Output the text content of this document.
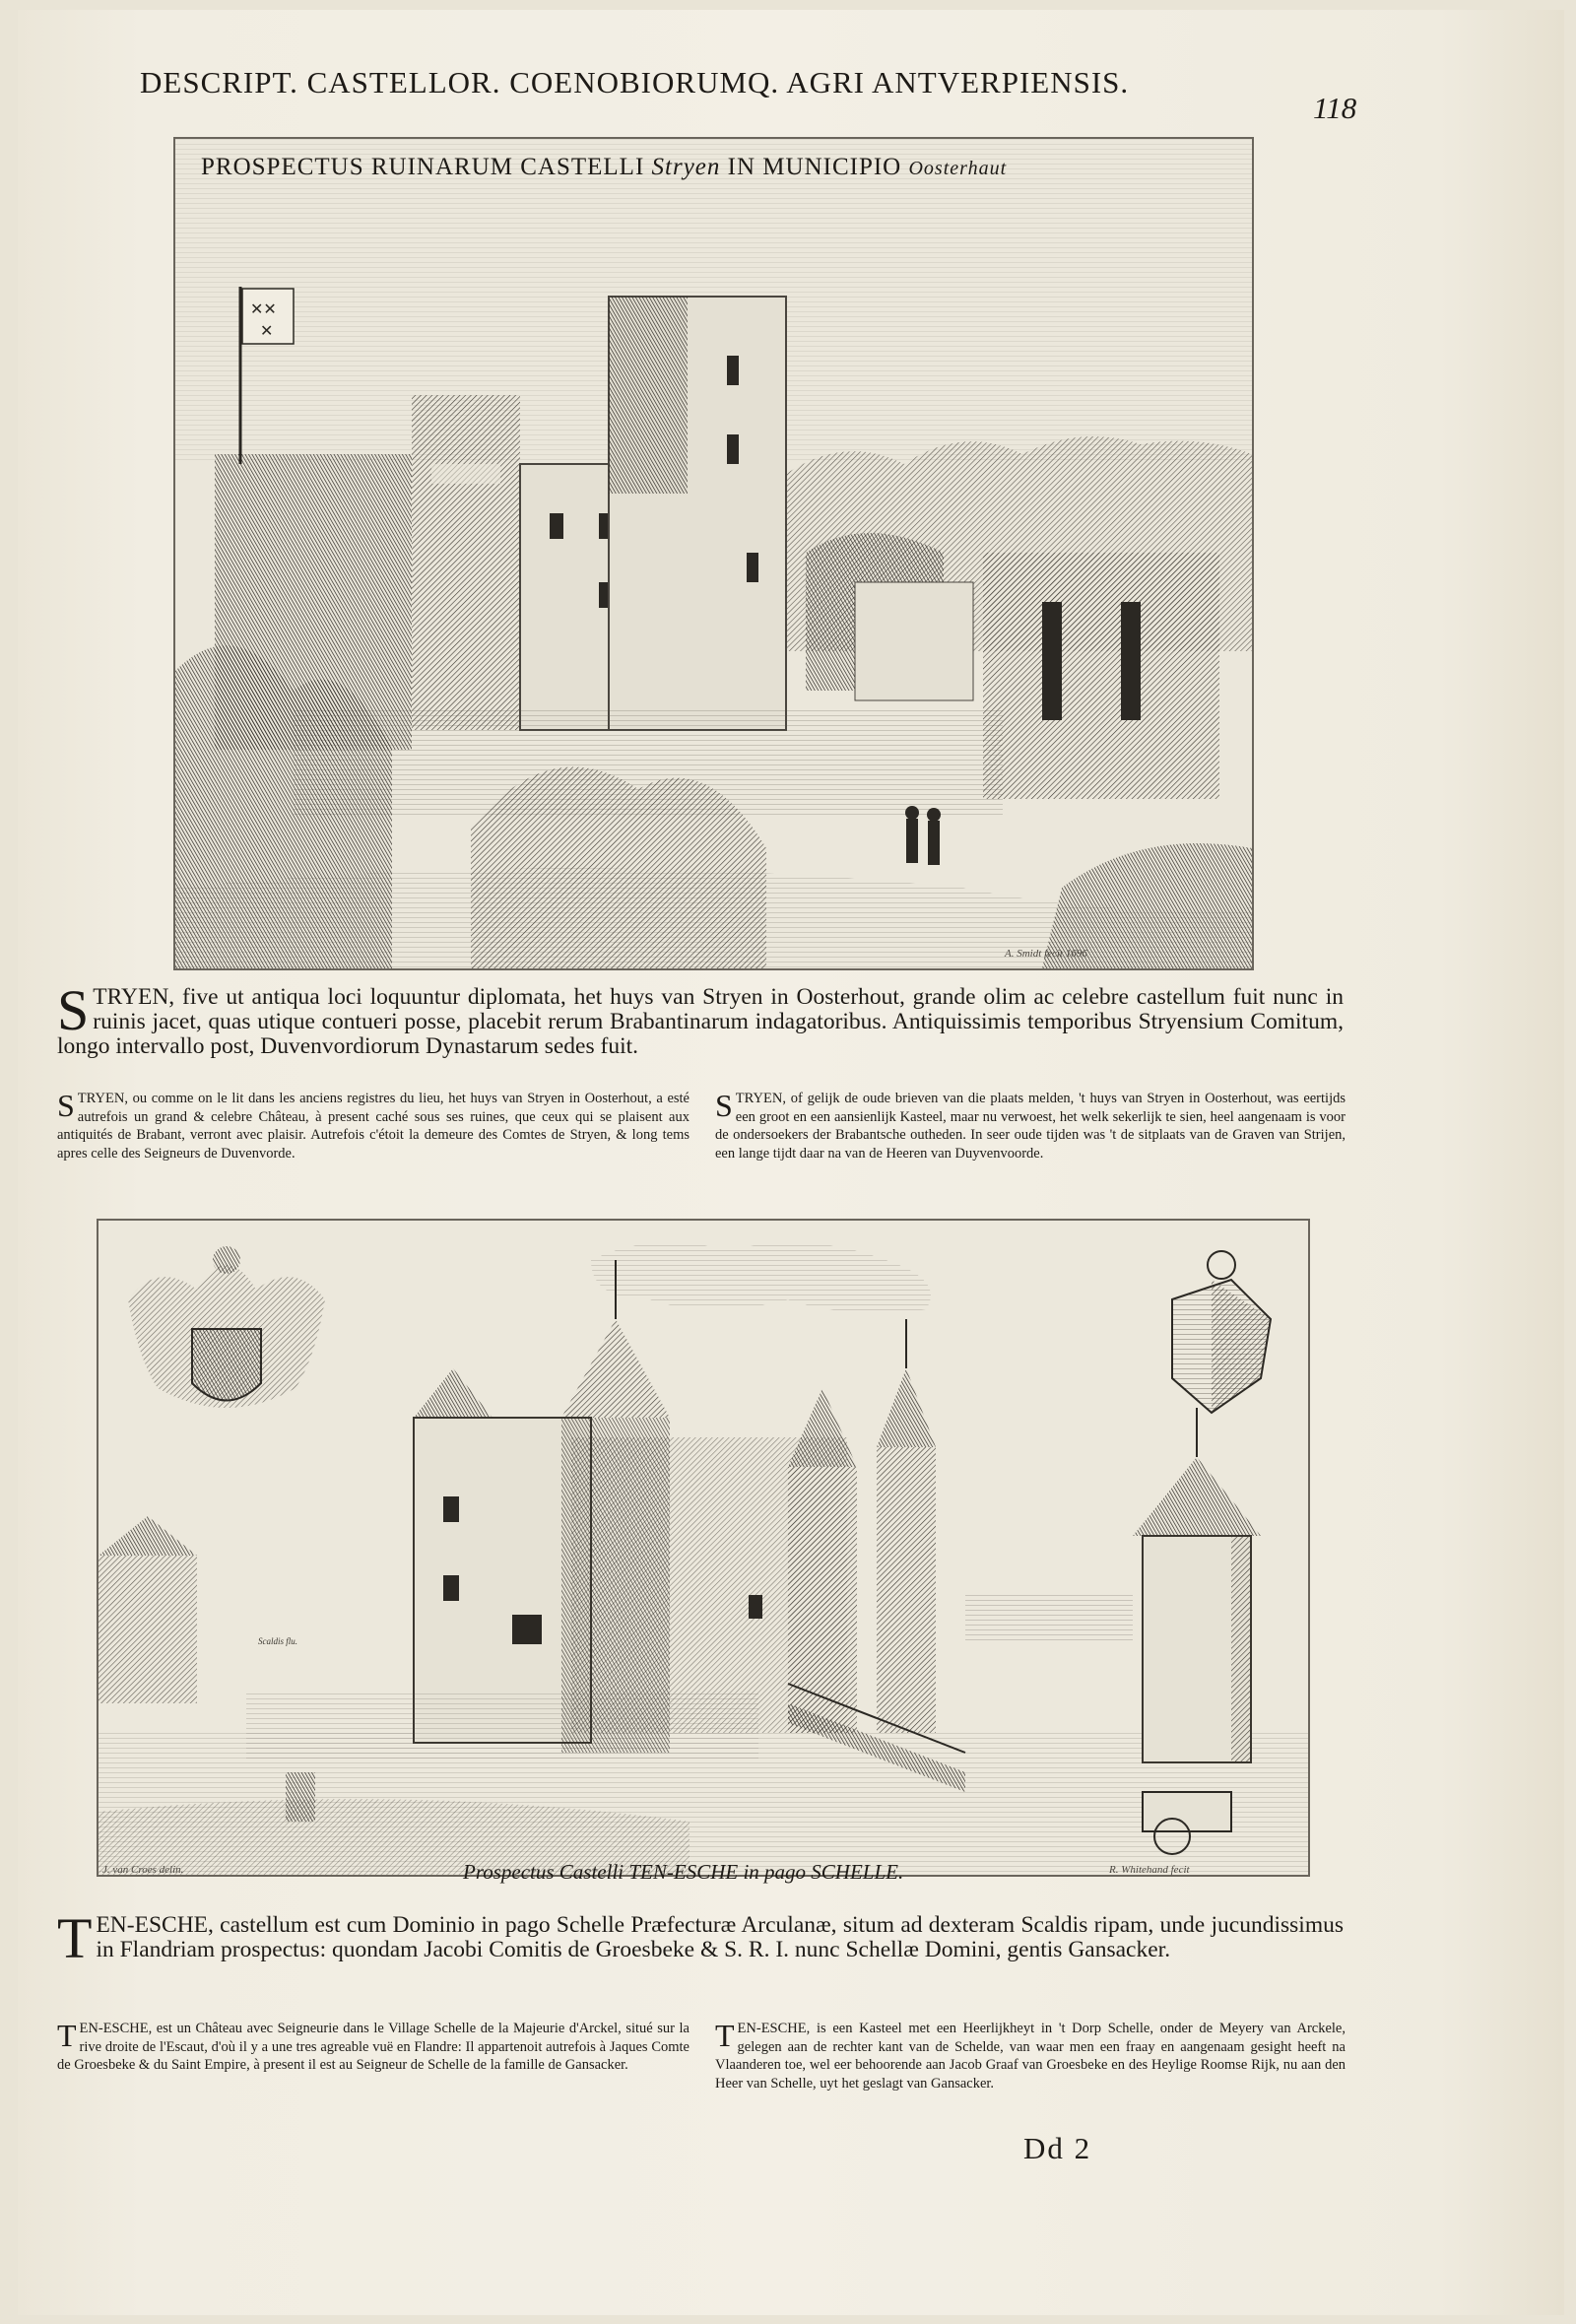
DESCRIPT. CASTELLOR. COENOBIORUMQ. AGRI ANTVERPIENSIS.
118
✕✕
✕
PROSPECTUS RUINARUM CASTELLI Stryen IN MUNICIPIO Oosterhaut
A. Smidt fecit 1696
STRYEN, five ut antiqua loci loquuntur diplomata, het huys van Stryen in Oosterhout, grande olim ac celebre castellum fuit nunc in ruinis jacet, quas utique contueri posse, placebit rerum Brabantinarum indagatoribus. Antiquissimis temporibus Stryensium Comitum, longo intervallo post, Duvenvordiorum Dynastarum sedes fuit.
STRYEN, ou comme on le lit dans les anciens registres du lieu, het huys van Stryen in Oosterhout, a esté autrefois un grand & celebre Château, à present caché sous ses ruines, que ceux qui se plaisent aux antiquités de Brabant, verront avec plaisir. Autrefois c'étoit la demeure des Comtes de Stryen, & long tems apres celle des Seigneurs de Duvenvorde.
STRYEN, of gelijk de oude brieven van die plaats melden, 't huys van Stryen in Oosterhout, was eertijds een groot en een aansienlijk Kasteel, maar nu verwoest, het welk sekerlijk te sien, heel aangenaam is voor de ondersoekers der Brabantsche outheden. In seer oude tijden was 't de sitplaats van de Graven van Strijen, een lange tijdt daar na van de Heeren van Duyvenvoorde.
Scaldis flu.
J. van Croes delin.	R. Whitehand fecit
Prospectus Castelli TEN-ESCHE in pago SCHELLE.
TEN-ESCHE, castellum est cum Dominio in pago Schelle Præfecturæ Arculanæ, situm ad dexteram Scaldis ripam, unde jucundissimus in Flandriam prospectus: quondam Jacobi Comitis de Groesbeke & S. R. I. nunc Schellæ Domini, gentis Gansacker.
TEN-ESCHE, est un Château avec Seigneurie dans le Village Schelle de la Majeurie d'Arckel, situé sur la rive droite de l'Escaut, d'où il y a une tres agreable vuë en Flandre: Il appartenoit autrefois à Jaques Comte de Groesbeke & du Saint Empire, à present il est au Seigneur de Schelle de la famille de Gansacker.
TEN-ESCHE, is een Kasteel met een Heerlijkheyt in 't Dorp Schelle, onder de Meyery van Arckele, gelegen aan de rechter kant van de Schelde, van waar men een fraay en aangenaam gesight heeft na Vlaanderen toe, wel eer behoorende aan Jacob Graaf van Groesbeke en des Heylige Roomse Rijk, nu aan den Heer van Schelle, uyt het geslagt van Gansacker.
Dd 2
